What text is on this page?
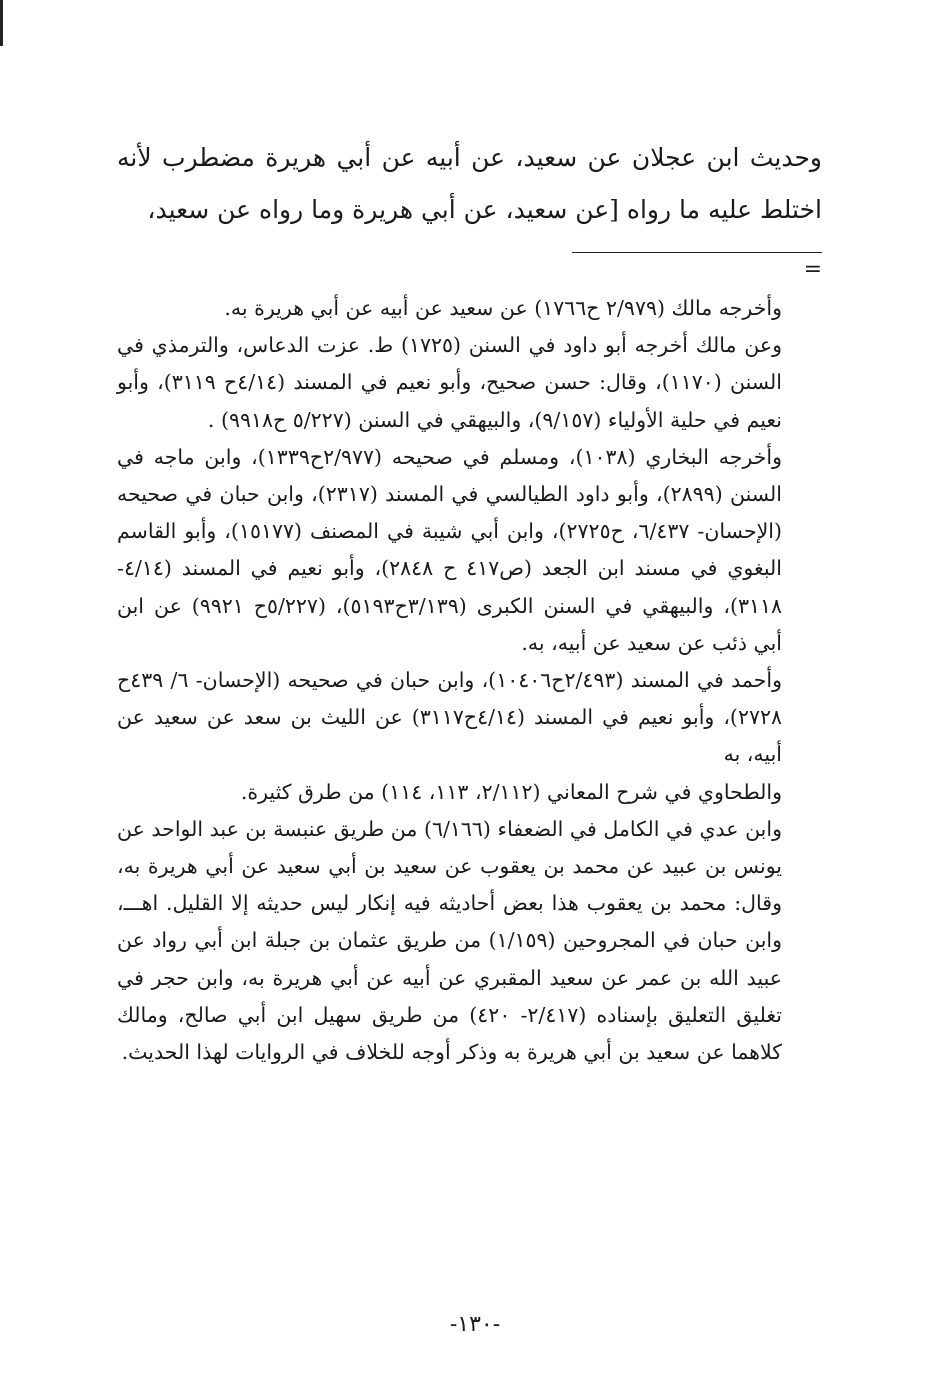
وحديث ابن عجلان عن سعيد، عن أبيه عن أبي هريرة مضطرب لأنه اختلط عليه ما رواه [عن سعيد، عن أبي هريرة وما رواه عن سعيد،

=

وأخرجه مالك (٢/٩٧٩ ح١٧٦٦) عن سعيد عن أبيه عن أبي هريرة به.

وعن مالك أخرجه أبو داود في السنن (١٧٢٥) ط. عزت الدعاس، والترمذي في السنن (١١٧٠)، وقال: حسن صحيح، وأبو نعيم في المسند (٤/١٤ح ٣١١٩)، وأبو نعيم في حلية الأولياء (٩/١٥٧)، والبيهقي في السنن (٥/٢٢٧ ح٩٩١٨) .

وأخرجه البخاري (١٠٣٨)، ومسلم في صحيحه (٢/٩٧٧ح١٣٣٩)، وابن ماجه في السنن (٢٨٩٩)، وأبو داود الطيالسي في المسند (٢٣١٧)، وابن حبان في صحيحه (الإحسان- ٦/٤٣٧، ح٢٧٢٥)، وابن أبي شيبة في المصنف (١٥١٧٧)، وأبو القاسم البغوي في مسند ابن الجعد (ص٤١٧ ح ٢٨٤٨)، وأبو نعيم في المسند (٤/١٤- ٣١١٨)، والبيهقي في السنن الكبرى (٣/١٣٩ح٥١٩٣)، (٥/٢٢٧ح ٩٩٢١) عن ابن أبي ذئب عن سعيد عن أبيه، به.

وأحمد في المسند (٢/٤٩٣ح١٠٤٠٦)، وابن حبان في صحيحه (الإحسان- ٦/ ٤٣٩ح ٢٧٢٨)، وأبو نعيم في المسند (٤/١٤ح٣١١٧) عن الليث بن سعد عن سعيد عن أبيه، به

والطحاوي في شرح المعاني (٢/١١٢، ١١٣، ١١٤) من طرق كثيرة.

وابن عدي في الكامل في الضعفاء (٦/١٦٦) من طريق عنبسة بن عبد الواحد عن يونس بن عبيد عن محمد بن يعقوب عن سعيد بن أبي سعيد عن أبي هريرة به، وقال: محمد بن يعقوب هذا بعض أحاديثه فيه إنكار ليس حديثه إلا القليل. اهـــ، وابن حبان في المجروحين (١/١٥٩) من طريق عثمان بن جبلة ابن أبي رواد عن عبيد الله بن عمر عن سعيد المقبري عن أبيه عن أبي هريرة به، وابن حجر في تغليق التعليق بإسناده (٢/٤١٧- ٤٢٠) من طريق سهيل ابن أبي صالح، ومالك كلاهما عن سعيد بن أبي هريرة به وذكر أوجه للخلاف في الروايات لهذا الحديث.

-١٣٠-
